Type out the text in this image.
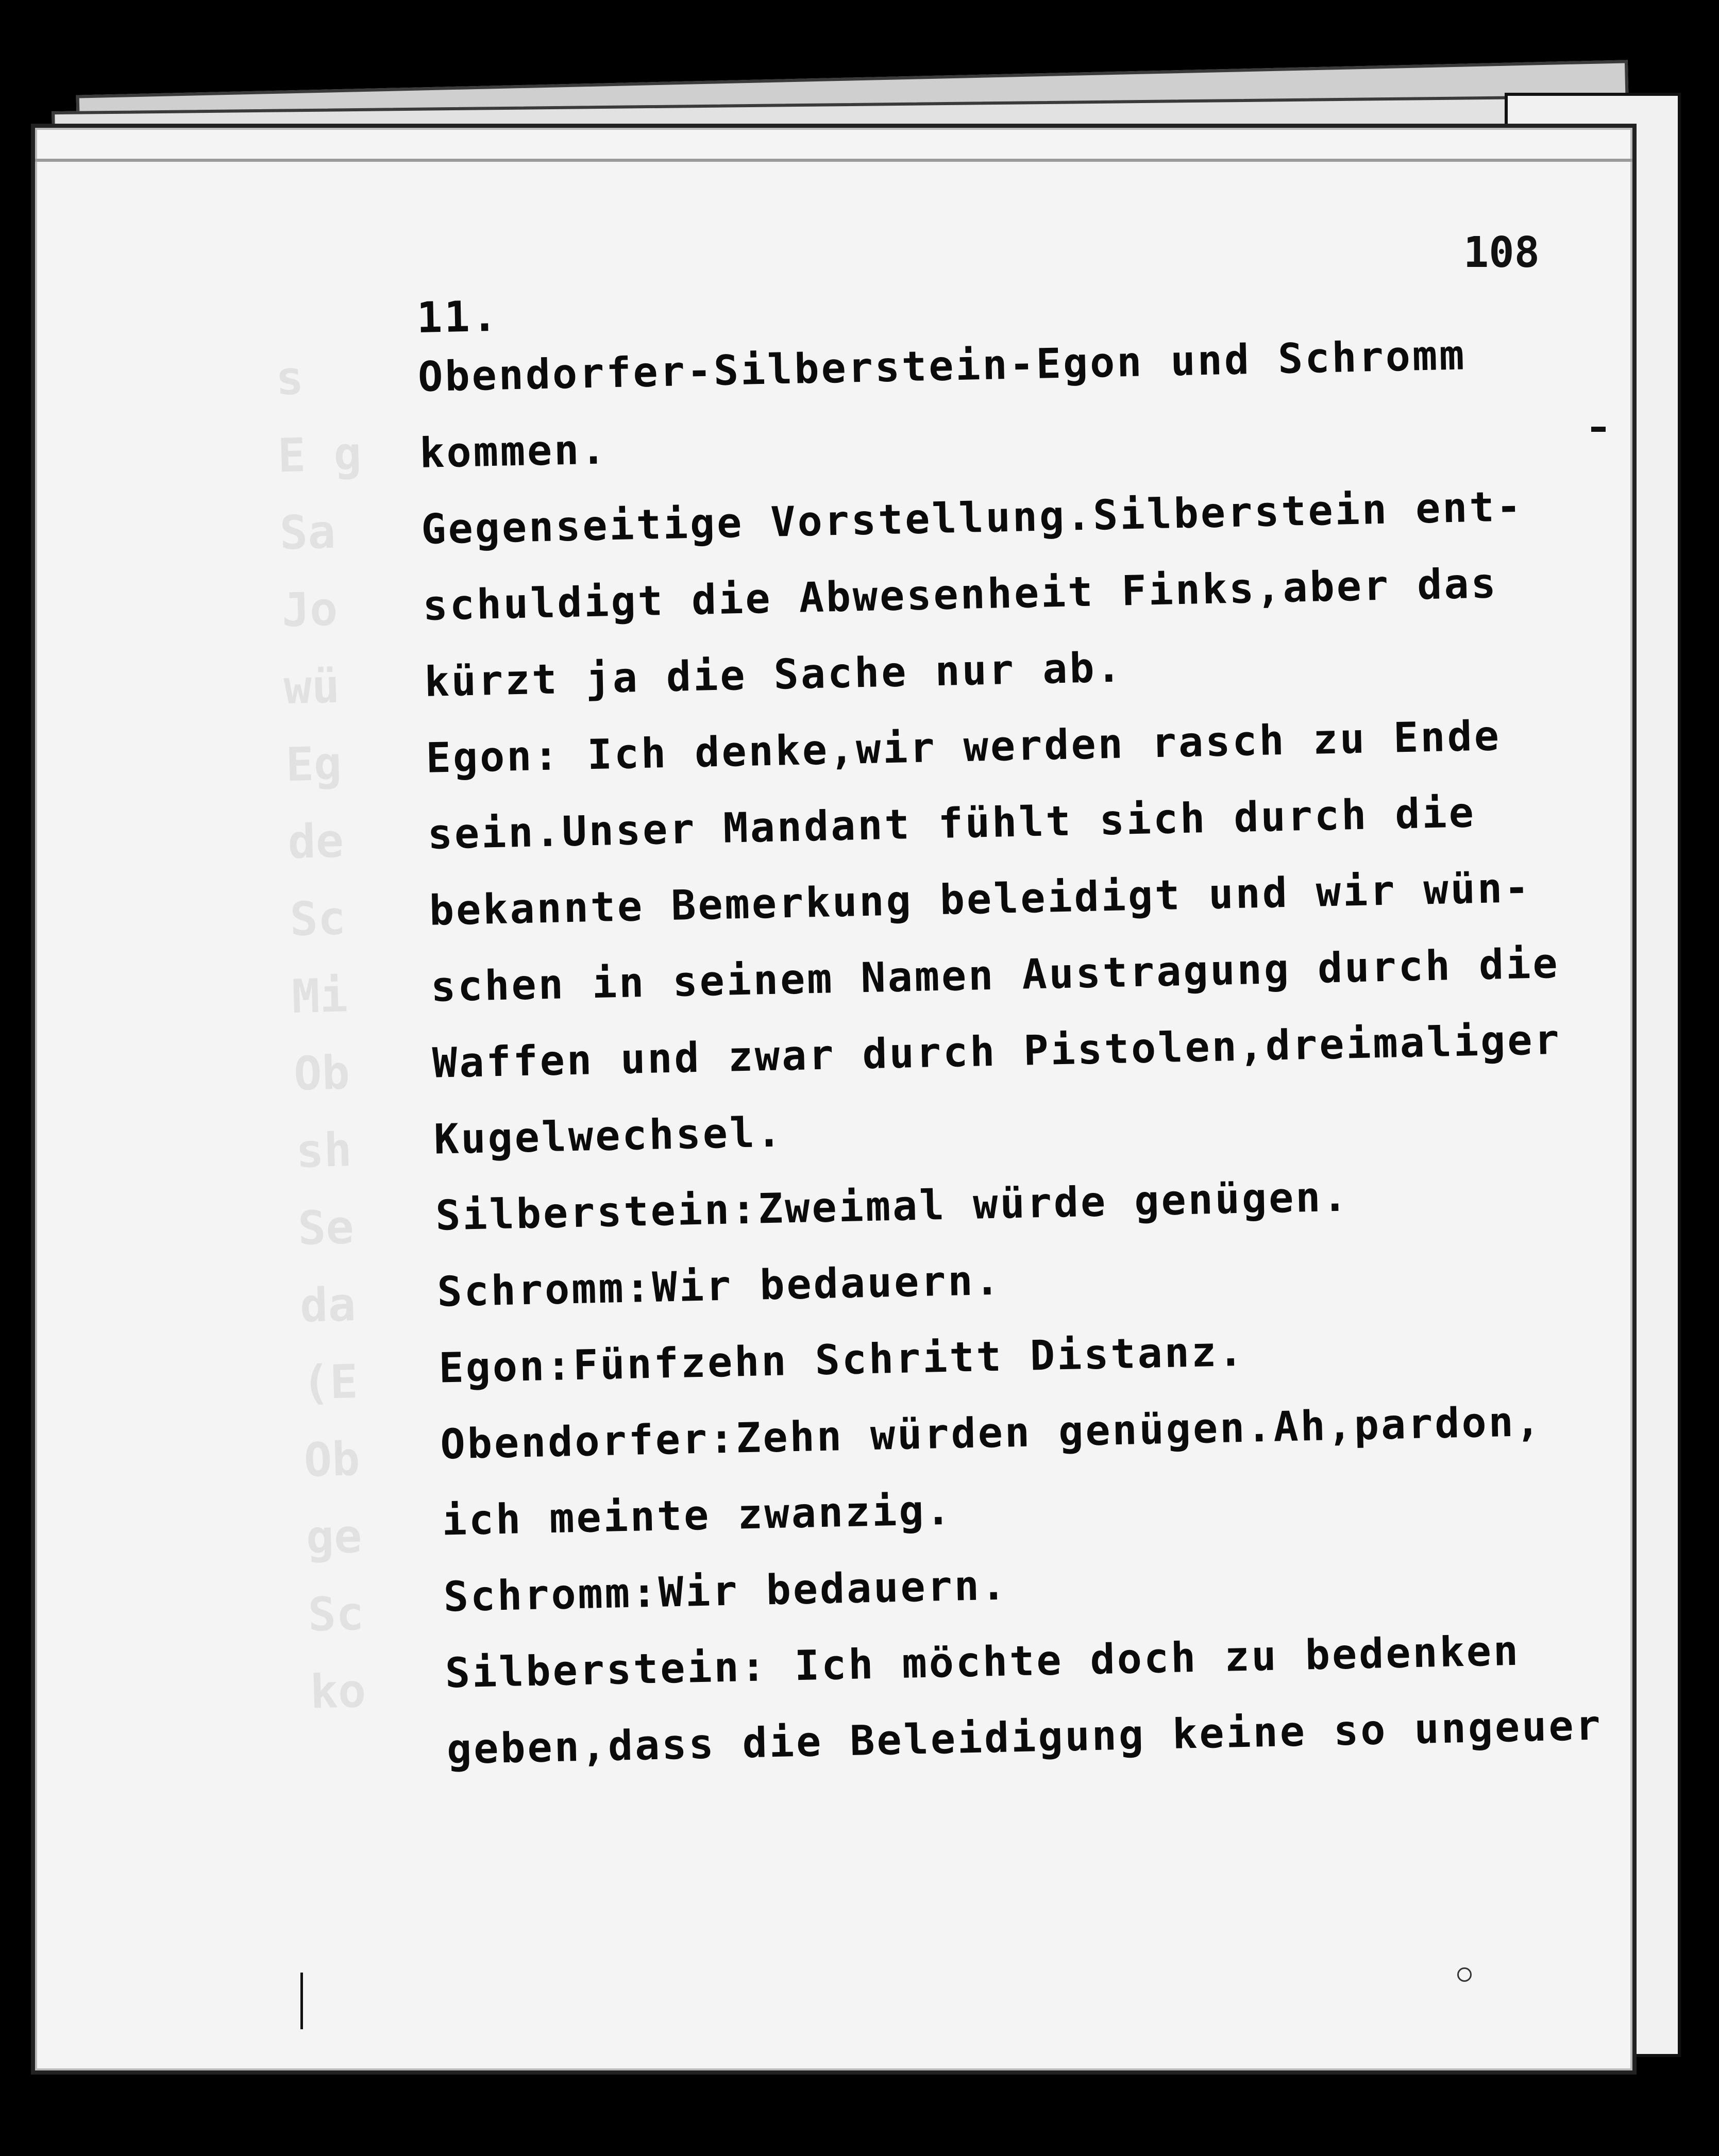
s
E g
Sa
Jo
wü
Eg
de
Sc
Mi
Ob
sh
Se
da
(E
Ob
ge
Sc
ko
108
11.
Obendorfer-Silberstein-Egon und Schromm
kommen.
Gegenseitige Vorstellung.Silberstein ent-
schuldigt die Abwesenheit Finks,aber das
kürzt ja die Sache nur ab.
Egon: Ich denke,wir werden rasch zu Ende
sein.Unser Mandant fühlt sich durch die
bekannte Bemerkung beleidigt und wir wün-
schen in seinem Namen Austragung durch die
Waffen und zwar durch Pistolen,dreimaliger
Kugelwechsel.
Silberstein:Zweimal würde genügen.
Schromm:Wir bedauern.
Egon:Fünfzehn Schritt Distanz.
Obendorfer:Zehn würden genügen.Ah,pardon,
ich meinte zwanzig.
Schromm:Wir bedauern.
Silberstein: Ich möchte doch zu bedenken
geben,dass die Beleidigung keine so ungeuer
